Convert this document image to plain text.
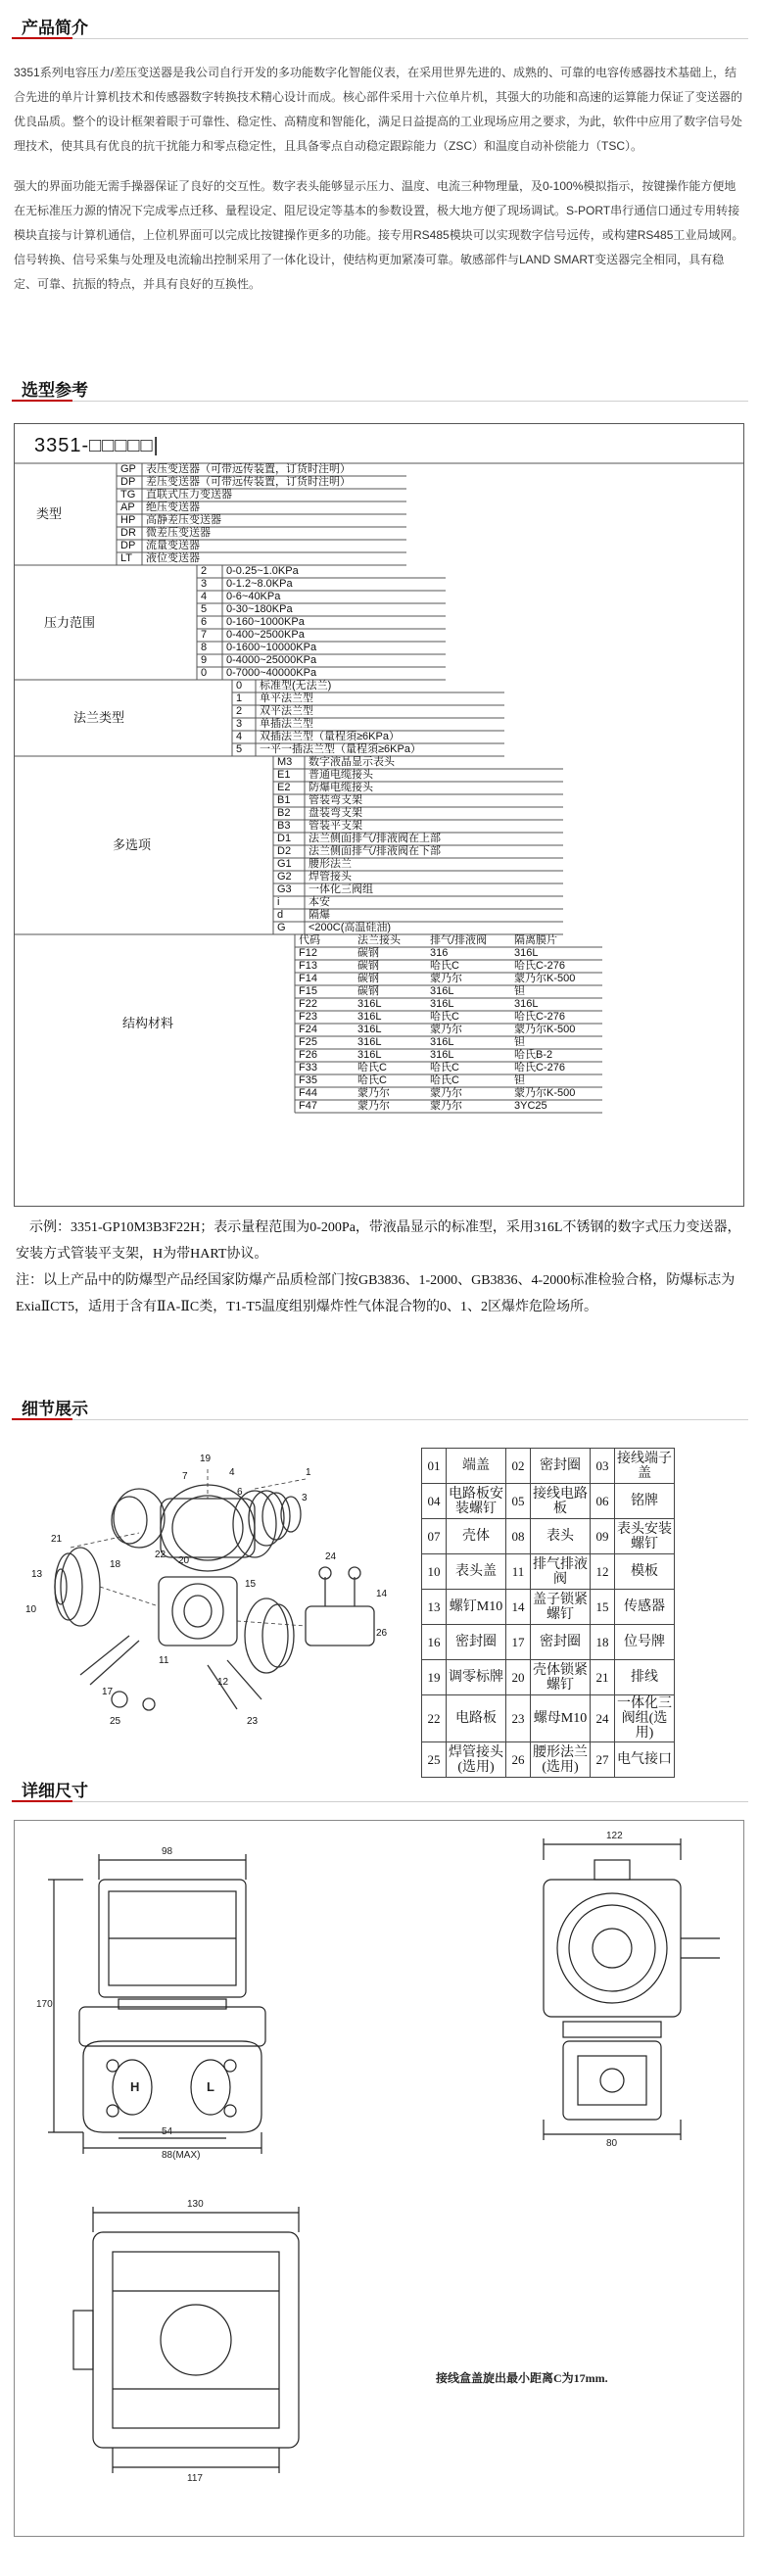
产品简介

3351系列电容压力/差压变送器是我公司自行开发的多功能数字化智能仪表，在采用世界先进的、成熟的、可靠的电容传感器技术基础上，结合先进的单片计算机技术和传感器数字转换技术精心设计而成。核心部件采用十六位单片机，其强大的功能和高速的运算能力保证了变送器的优良品质。整个的设计框架着眼于可靠性、稳定性、高精度和智能化，满足日益提高的工业现场应用之要求，为此，软件中应用了数字信号处理技术，使其具有优良的抗干扰能力和零点稳定性，且具备零点自动稳定跟踪能力（ZSC）和温度自动补偿能力（TSC）。

强大的界面功能无需手操器保证了良好的交互性。数字表头能够显示压力、温度、电流三种物理量，及0-100%模拟指示，按键操作能方便地在无标准压力源的情况下完成零点迁移、量程设定、阻尼设定等基本的参数设置，极大地方便了现场调试。S-PORT串行通信口通过专用转接模块直接与计算机通信，上位机界面可以完成比按键操作更多的功能。接专用RS485模块可以实现数字信号远传，或构建RS485工业局域网。信号转换、信号采集与处理及电流输出控制采用了一体化设计，使结构更加紧凑可靠。敏感部件与LAND SMART变送器完全相同，具有稳定、可靠、抗振的特点，并具有良好的互换性。

选型参考
3351-□□□□□|
GP 表压变送器（可带远传装置，订货时注明）
DP 差压变送器（可带远传装置，订货时注明）
TG 直联式压力变送器
AP 绝压变送器
HP 高静差压变送器
DR 微差压变送器
DP 流量变送器
LT 液位变送器
类型
2 0-0.25~1.0KPa
3 0-1.2~8.0KPa
4 0-6~40KPa
5 0-30~180KPa
6 0-160~1000KPa
7 0-400~2500KPa
8 0-1600~10000KPa
9 0-4000~25000KPa
0 0-7000~40000KPa
压力范围
0 标准型(无法兰)
1 单平法兰型
2 双平法兰型
3 单插法兰型
4 双插法兰型（量程須≥6KPa）
5 一平一插法兰型（量程須≥6KPa）
法兰类型
M3 数字液晶显示表头
E1 普通电缆接头
E2 防爆电缆接头
B1 管装弯支架
B2 盘装弯支架
B3 管装平支架
D1 法兰侧面排气/排液阀在上部
D2 法兰侧面排气/排液阀在下部
G1 腰形法兰
G2 焊管接头
G3 一体化三阀组
i	本安
d 隔爆
G <200C(高温硅油)
多选项
代码	法兰接头	排气/排液阀	隔离膜片
F12	碳钢	316	316L
F13	碳钢	哈氏C	哈氏C-276
F14	碳钢	蒙乃尔	蒙乃尔K-500
F15	碳钢	316L	钽
F22	316L	316L	316L
F23	316L	哈氏C	哈氏C-276
F24	316L	蒙乃尔	蒙乃尔K-500
F25	316L	316L	钽
F26	316L	316L	哈氏B-2
F33	哈氏C	哈氏C	哈氏C-276
F35	哈氏C	哈氏C	钽
F44	蒙乃尔	蒙乃尔	蒙乃尔K-500
F47	蒙乃尔	蒙乃尔	3YC25
结构材料
示例：3351-GP10M3B3F22H；表示量程范围为0-200Pa，带液晶显示的标准型，采用316L不锈钢的数字式压力变送器，安装方式管装平支架，H为带HART协议。
注：以上产品中的防爆型产品经国家防爆产品质检部门按GB3836、1-2000、GB3836、4-2000标准检验合格，防爆标志为ExiaⅡCT5，适用于含有ⅡA-ⅡC类，T1-T5温度组别爆炸性气体混合物的0、1、2区爆炸危险场所。
细节展示
19
4
6
1
3
7
21
13
10
18
22
20
11
15
24
17
25	23
26
14
12
01	端盖	02	密封圈	03	接线端子盖
04	电路板安装螺钉	05	接线电路板	06	铭牌
07	壳体	08	表头	09	表头安装螺钉
10	表头盖	11	排气排液阀	12	模板
13	螺钉M10	14	盖子锁紧螺钉	15	传感器
16	密封圈	17	密封圈	18	位号牌
19	调零标牌	20	壳体锁紧螺钉	21	排线
22	电路板	23	螺母M10	24	一体化三阀组(选用)
25	焊管接头(选用)	26	腰形法兰(选用)	27	电气接口
详细尺寸
98
170
88(MAX)
54
H	L
122
80
130
117
接线盒盖旋出最小距离C为17mm.
